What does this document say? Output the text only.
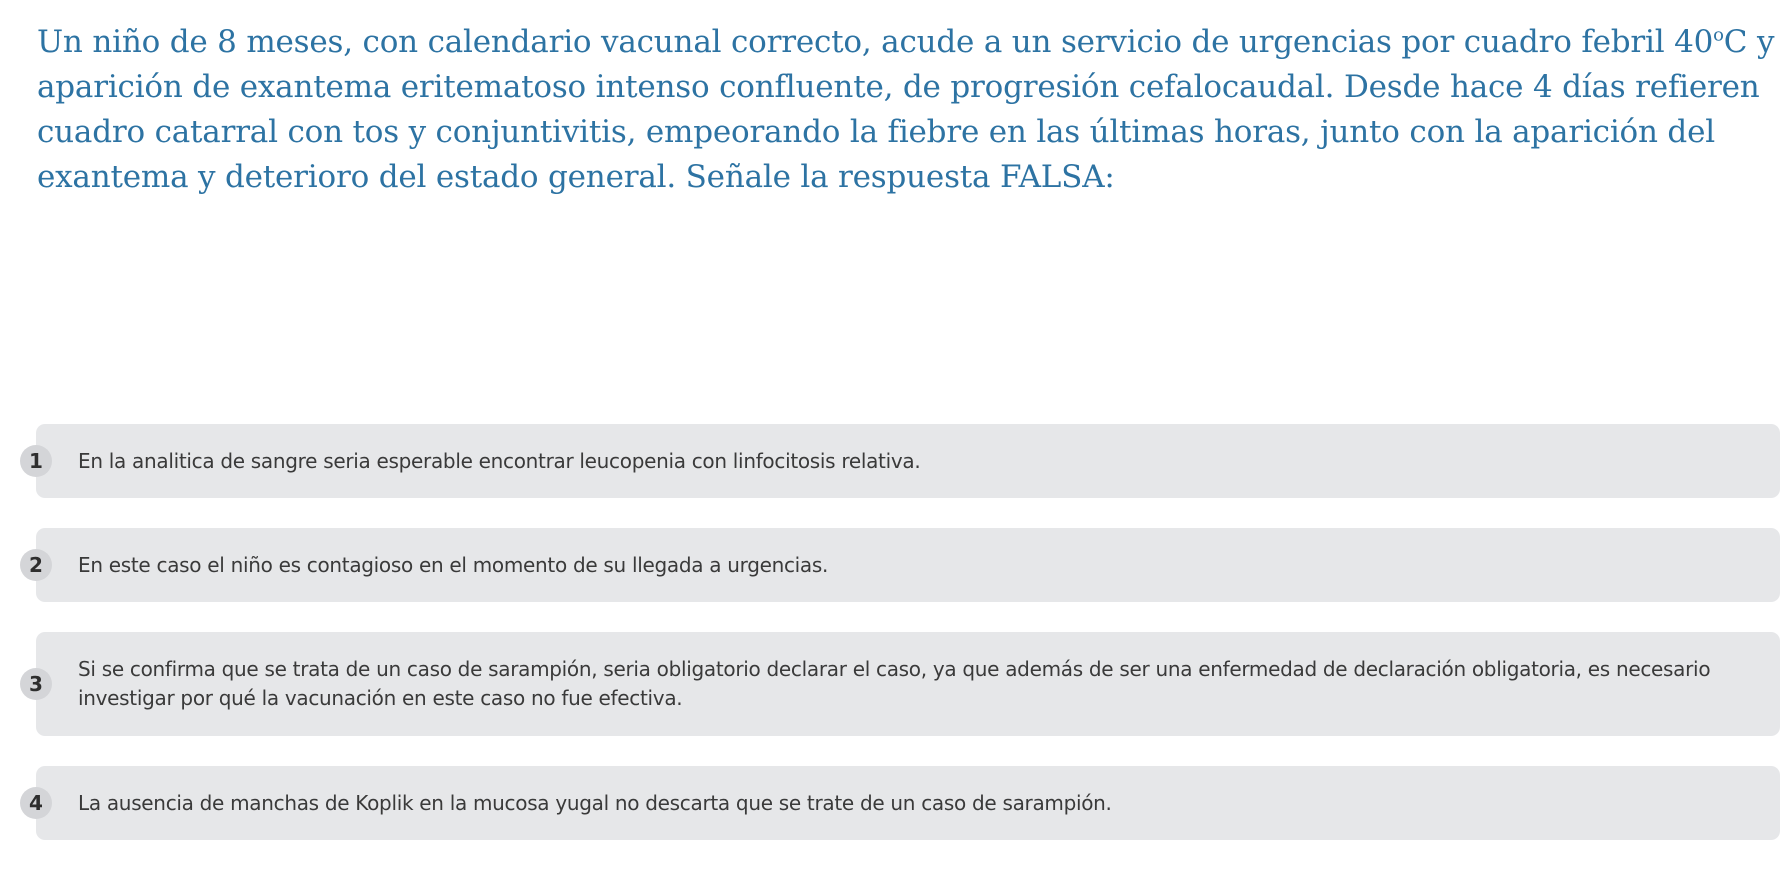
Un niño de 8 meses, con calendario vacunal correcto, acude a un servicio de urgencias por cuadro febril 40$^o$C y aparición de exantema eritematoso intenso confluente, de progresión cefalocaudal. Desde hace 4 días refieren cuadro catarral con tos y conjuntivitis, empeorando la fiebre en las últimas horas, junto con la aparición del exantema y deterioro del estado general. Señale la respuesta FALSA:

1	En la analitica de sangre seria esperable encontrar leucopenia con linfocitosis relativa.
2	En este caso el niño es contagioso en el momento de su llegada a urgencias.
3
Si se confirma que se trata de un caso de sarampión, seria obligatorio declarar el caso, ya que además de ser una enfermedad de declaración obligatoria, es necesario investigar por qué la vacunación en este caso no fue efectiva.
4	La ausencia de manchas de Koplik en la mucosa yugal no descarta que se trate de un caso de sarampión.
